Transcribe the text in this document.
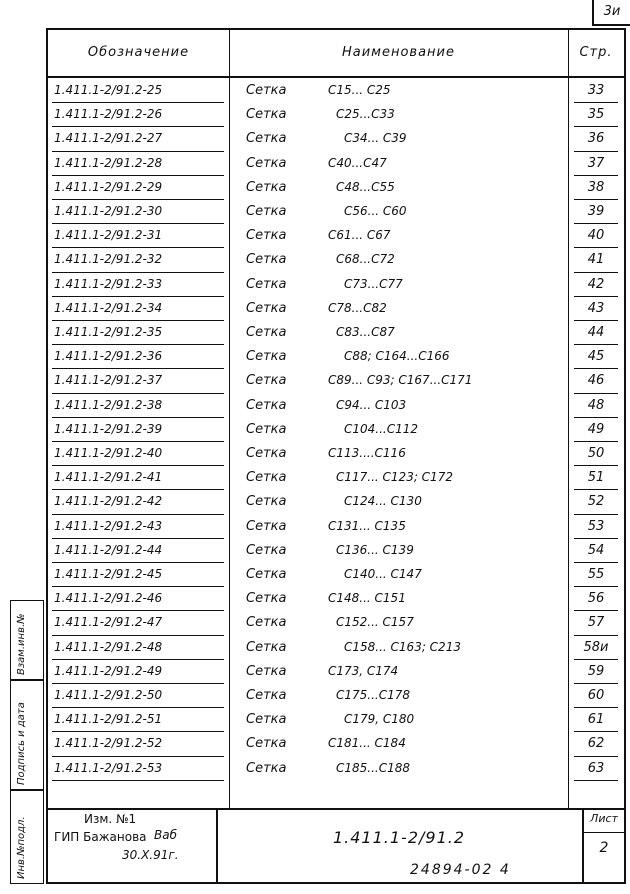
3и
Обозначение	Наименование	Стр.
1.411.1-2/91.2-25	Сетка	С15... С25	33
1.411.1-2/91.2-26	Сетка	С25...С33	35
1.411.1-2/91.2-27	Сетка	С34... С39	36
1.411.1-2/91.2-28	Сетка	С40...С47	37
1.411.1-2/91.2-29	Сетка	С48...С55	38
1.411.1-2/91.2-30	Сетка	С56... С60	39
1.411.1-2/91.2-31	Сетка	С61... С67	40
1.411.1-2/91.2-32	Сетка	С68...С72	41
1.411.1-2/91.2-33	Сетка	С73...С77	42
1.411.1-2/91.2-34	Сетка	С78...С82	43
1.411.1-2/91.2-35	Сетка	С83...С87	44
1.411.1-2/91.2-36	Сетка	С88; С164...С166	45
1.411.1-2/91.2-37	Сетка	С89... С93; С167...С171	46
1.411.1-2/91.2-38	Сетка	С94... С103	48
1.411.1-2/91.2-39	Сетка	С104...С112	49
1.411.1-2/91.2-40	Сетка	С113....С116	50
1.411.1-2/91.2-41	Сетка	С117... С123; С172	51
1.411.1-2/91.2-42	Сетка	С124... С130	52
1.411.1-2/91.2-43	Сетка	С131... С135	53
1.411.1-2/91.2-44	Сетка	С136... С139	54
1.411.1-2/91.2-45	Сетка	С140... С147	55
1.411.1-2/91.2-46	Сетка	С148... С151	56
1.411.1-2/91.2-47	Сетка	С152... С157	57
1.411.1-2/91.2-48	Сетка	С158... С163; С213	58и
1.411.1-2/91.2-49	Сетка	С173, С174	59
1.411.1-2/91.2-50	Сетка	С175...С178	60
1.411.1-2/91.2-51	Сетка	С179, С180	61
1.411.1-2/91.2-52	Сетка	С181... С184	62
1.411.1-2/91.2-53	Сетка	С185...С188	63
Изм. №1
ГИП Бажанова Ваб
30.Х.91г.
1.411.1-2/91.2
Лист
2
Взам.инв.№
Подпись и дата
Инв.№подл.	24894-02 4
